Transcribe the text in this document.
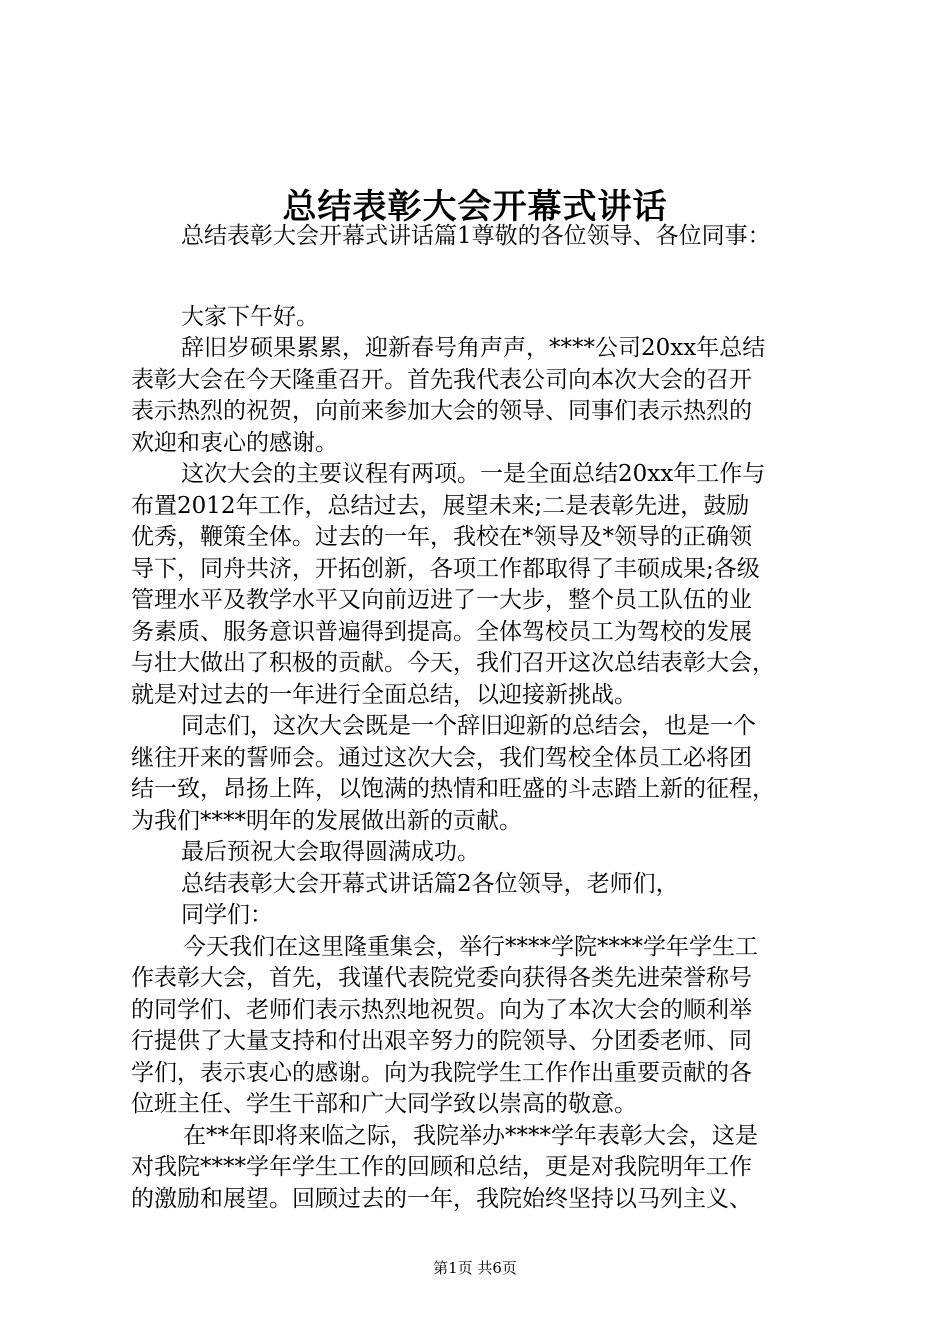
总结表彰大会开幕式讲话
总结表彰大会开幕式讲话篇1尊敬的各位领导、各位同事：
大家下午好。
辞旧岁硕果累累，迎新春号角声声，****公司20xx年总结
表彰大会在今天隆重召开。首先我代表公司向本次大会的召开
表示热烈的祝贺，向前来参加大会的领导、同事们表示热烈的
欢迎和衷心的感谢。
这次大会的主要议程有两项。一是全面总结20xx年工作与
布置2012年工作，总结过去，展望未来;二是表彰先进，鼓励
优秀，鞭策全体。过去的一年，我校在*领导及*领导的正确领
导下，同舟共济，开拓创新，各项工作都取得了丰硕成果;各级
管理水平及教学水平又向前迈进了一大步，整个员工队伍的业
务素质、服务意识普遍得到提高。全体驾校员工为驾校的发展
与壮大做出了积极的贡献。今天，我们召开这次总结表彰大会，
就是对过去的一年进行全面总结，以迎接新挑战。
同志们，这次大会既是一个辞旧迎新的总结会，也是一个
继往开来的誓师会。通过这次大会，我们驾校全体员工必将团
结一致，昂扬上阵，以饱满的热情和旺盛的斗志踏上新的征程，
为我们****明年的发展做出新的贡献。
最后预祝大会取得圆满成功。
总结表彰大会开幕式讲话篇2各位领导，老师们，
同学们：
今天我们在这里隆重集会，举行****学院****学年学生工
作表彰大会，首先，我谨代表院党委向获得各类先进荣誉称号
的同学们、老师们表示热烈地祝贺。向为了本次大会的顺利举
行提供了大量支持和付出艰辛努力的院领导、分团委老师、同
学们，表示衷心的感谢。向为我院学生工作作出重要贡献的各
位班主任、学生干部和广大同学致以崇高的敬意。
在**年即将来临之际，我院举办****学年表彰大会，这是
对我院****学年学生工作的回顾和总结，更是对我院明年工作
的激励和展望。回顾过去的一年，我院始终坚持以马列主义、
第1页 共6页
